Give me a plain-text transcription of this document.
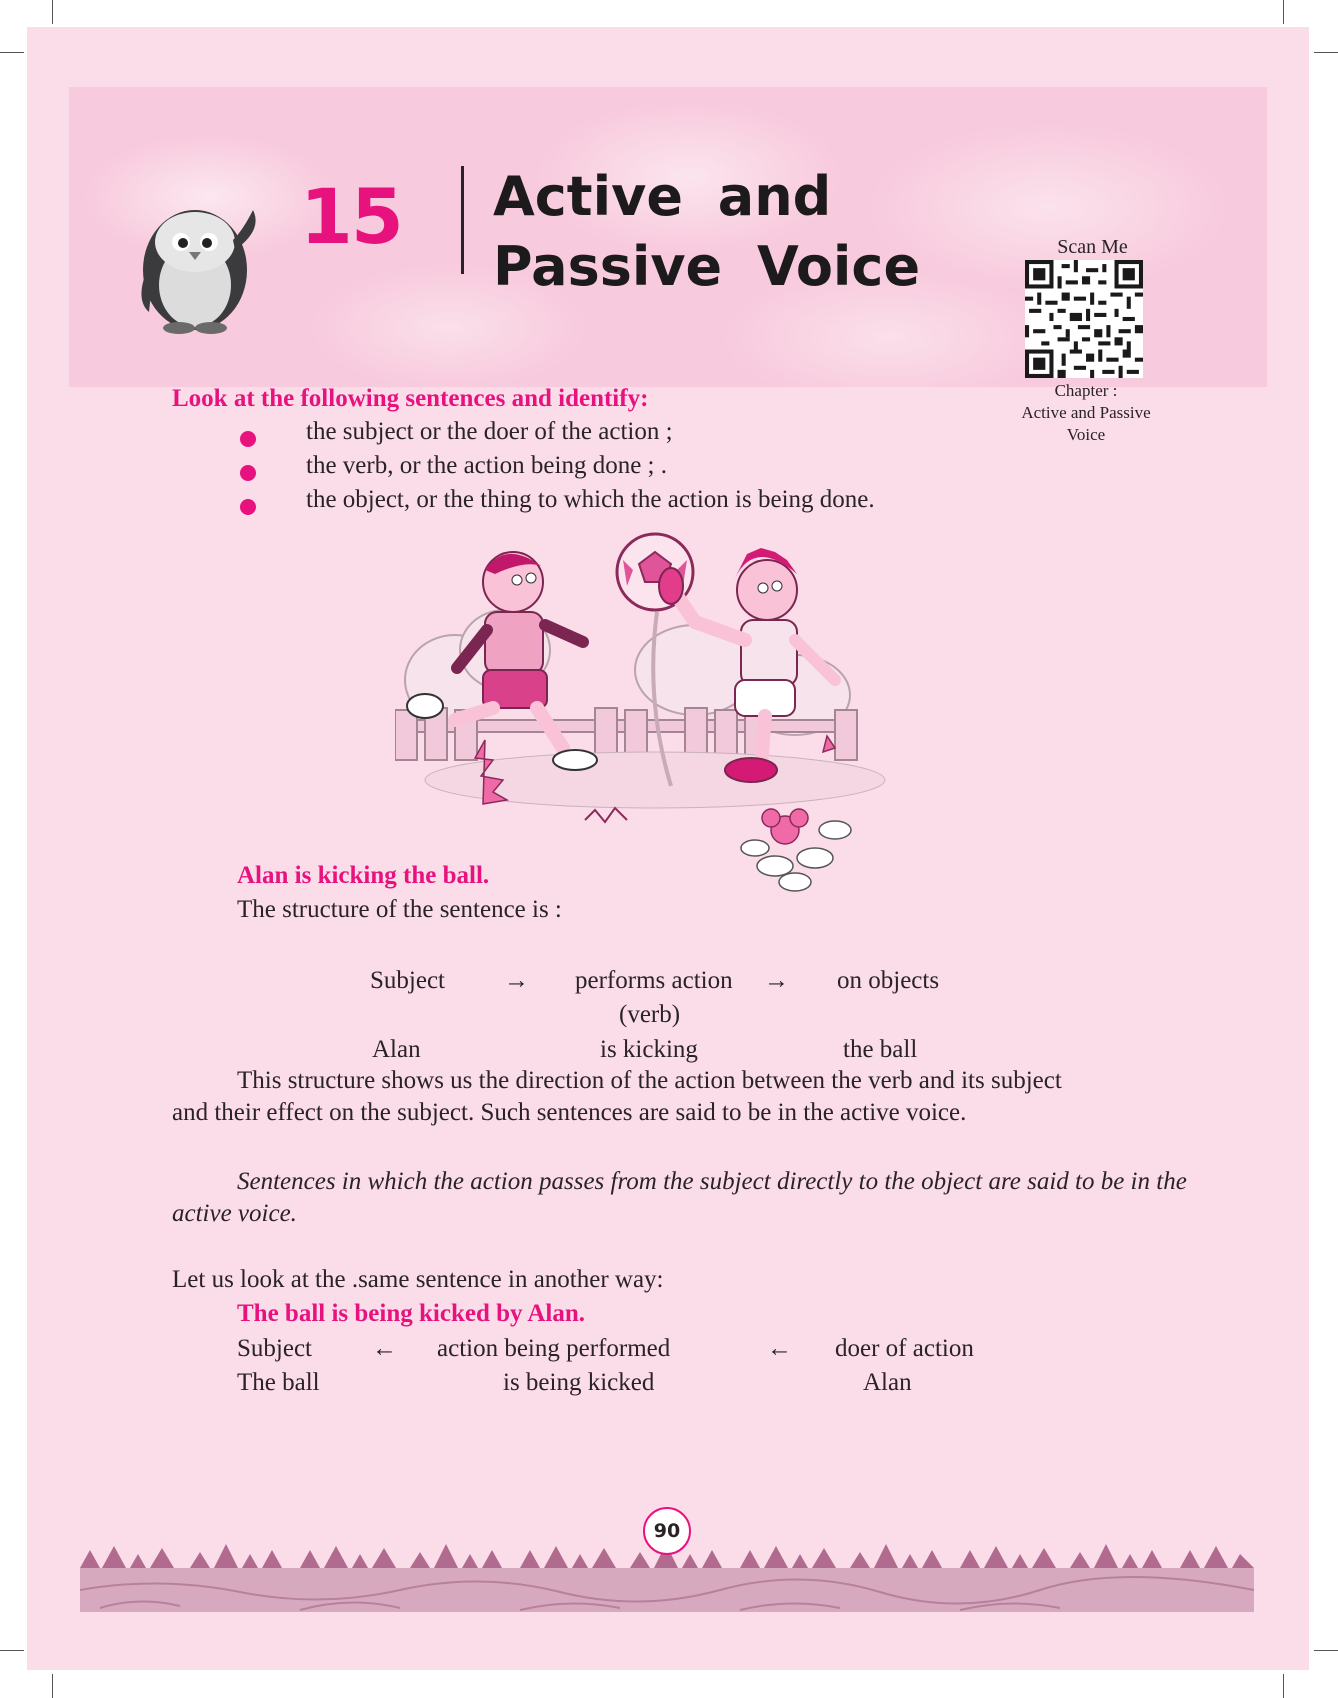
15 Active and Passive Voice	Scan Me
Chapter :
Active and Passive
Voice
Look at the following sentences and identify:
the subject or the doer of the action ;
the verb, or the action being done ; .
the object, or the thing to which the action is being done.
Alan is kicking the ball.
The structure of the sentence is :
Subject → performs action → on objects
(verb)
Alan	is kicking	the ball
This structure shows us the direction of the action between the verb and its subject
and their effect on the subject. Such sentences are said to be in the active voice.
Sentences in which the action passes from the subject directly to the object are said to be in the
active voice.
Let us look at the .same sentence in another way:
The ball is being kicked by Alan.
Subject ← action being performed	← doer of action
The ball	is being kicked	Alan
90
